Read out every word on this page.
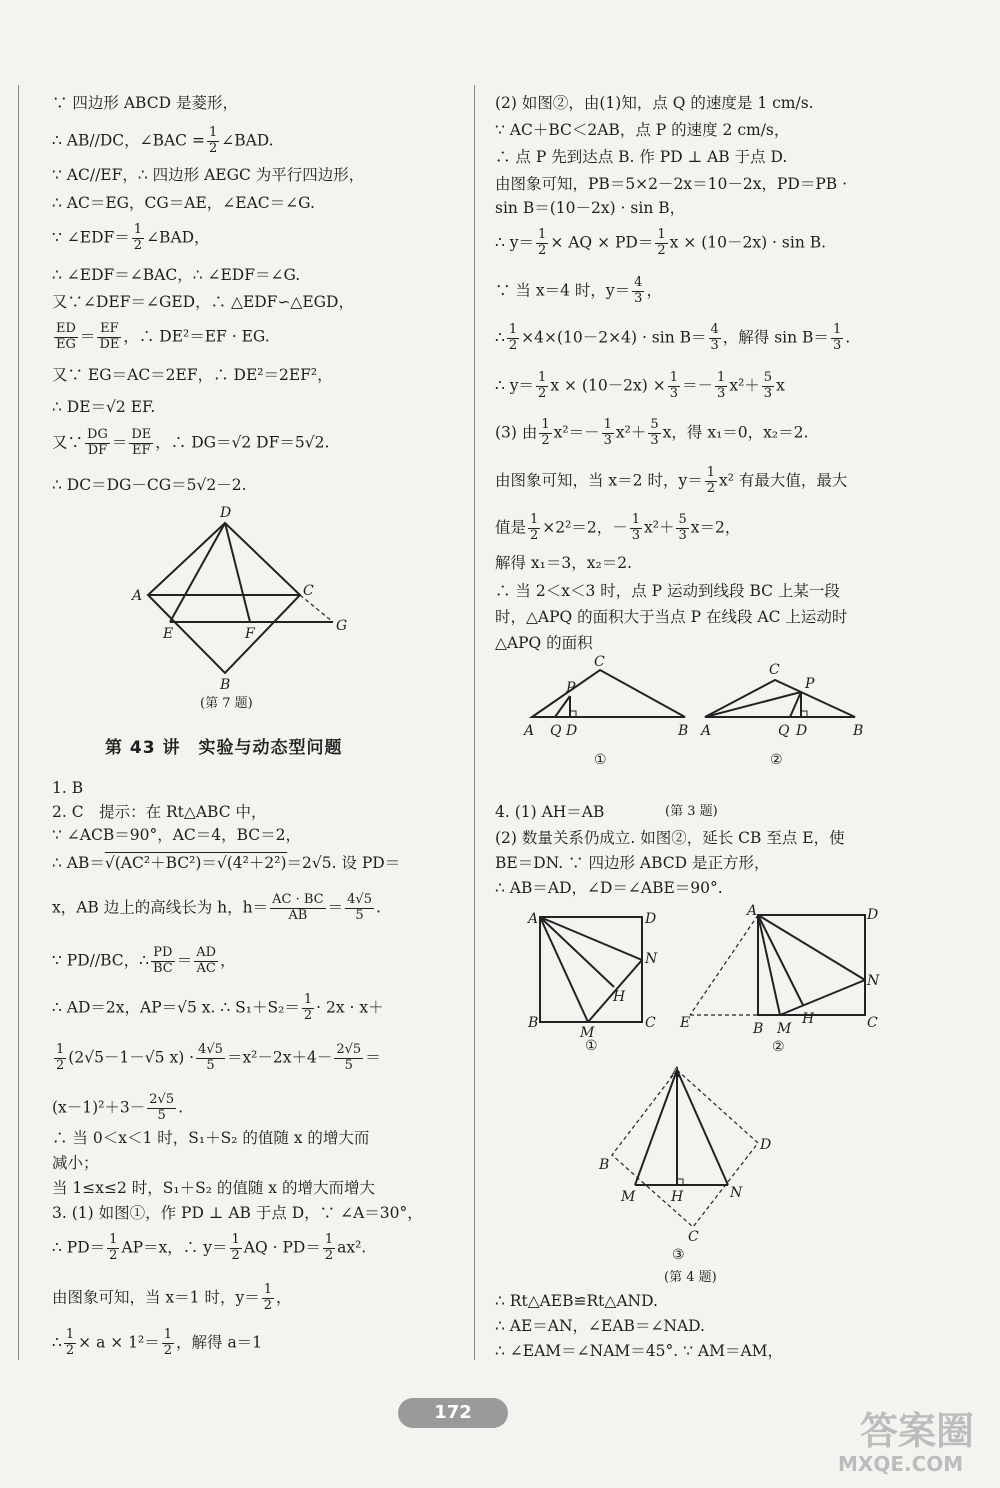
∵ 四边形 ABCD 是菱形，
∴ AB//DC，∠BAC = $\frac{1}{2}$ ∠BAD.
∵ AC//EF，∴ 四边形 AEGC 为平行四边形，
∴ AC＝EG，CG＝AE，∠EAC＝∠G.
∵ ∠EDF＝ $\frac{1}{2}$ ∠BAD，
∴ ∠EDF＝∠BAC，∴ ∠EDF＝∠G.
又∵∠DEF＝∠GED，∴ △EDF∽△EGD，
$\frac{ED}{EG} = \frac{EF}{DE}$ ，∴ DE²＝EF · EG.
又∵ EG＝AC＝2EF，∴ DE²＝2EF²，
∴ DE＝√2 EF.
又∵ $\frac{DG}{DF} = \frac{DE}{EF}$ ，∴ DG＝√2 DF＝5√2.
∴ DC＝DG－CG＝5√2－2.
1. B
2. C　提示：在 Rt△ABC 中，
∵ ∠ACB＝90°，AC＝4，BC＝2，
∴ AB＝√(AC²＋BC²)＝√(4²＋2²)＝2√5. 设 PD＝
x，AB 边上的高线长为 h，$h= \frac{AC \cdot BC}{AB} = \frac{4√5}{5}$ .
∵ PD//BC，∴ $\frac{PD}{BC} = \frac{AD}{AC}$ ，
∴ AD＝2x，AP＝√5 x. ∴ $S_1+S_2= \frac{1}{2} \cdot 2x \cdot x+$
$\frac{1}{2} (2√5-1-√5$ $x) \cdot \frac{4√5}{5} =x^2-2x+4- \frac{2√5}{5}$ ＝
$(x-1)^2+3- \frac{2√5}{5}$ .
∴ 当 0＜x＜1 时，S₁＋S₂ 的值随 x 的增大而
减小；
当 1≤x≤2 时，S₁＋S₂ 的值随 x 的增大而增大
3. (1) 如图①，作 PD ⊥ AB 于点 D，∵ ∠A＝30°，
∴ $PD= \frac{1}{2} AP=x$，∴ $y= \frac{1}{2}$ AQ · $PD= \frac{1}{2} ax^2$.
由图象可知，当 x＝1 时，$y= \frac{1}{2}$ ，
∴ $\frac{1}{2} \times a \times 1^2= \frac{1}{2}$ ，解得 a＝1
D
A	C
E	F	G
B
(第 7 题)
第 43 讲　实验与动态型问题
(2) 如图②，由(1)知，点 Q 的速度是 1 cm/s.
∵ AC＋BC＜2AB，点 P 的速度 2 cm/s，
∴ 点 P 先到达点 B. 作 PD ⊥ AB 于点 D.
由图象可知，PB＝5×2－2x＝10－2x，PD＝PB ·
sin B＝(10－2x) · sin B，
∴ $y= \frac{1}{2}$ × AQ × $PD= \frac{1}{2}$ x × (10－2x) · sin B.
∵ 当 x＝4 时，$y= \frac{4}{3}$ ，
∴ $\frac{1}{2} \times 4\times(10-2\times 4) \cdot \sin B= \frac{4}{3}$ ，解得 $\sin B= \frac{1}{3}$ .
∴ $y= \frac{1}{2}$ $x \times (10-2x) \times \frac{1}{3} =- \frac{1}{3} x^2+ \frac{5}{3}$ x
(3) 由 $\frac{1}{2} x^2=- \frac{1}{3} x^2+ \frac{5}{3}$ x，得 x₁＝0，x₂＝2.
由图象可知，当 x＝2 时，$y= \frac{1}{2} x^2$ 有最大值，最大
值是 $\frac{1}{2} \times 2^2=2$，－ $\frac{1}{3} x^2+ \frac{5}{3} x=2$，
解得 x₁＝3，x₂＝2.
∴ 当 2＜x＜3 时，点 P 运动到线段 BC 上某一段
时，△APQ 的面积大于当点 P 在线段 AC 上运动时
△APQ 的面积
4. (1) AH＝AB
(2) 数量关系仍成立. 如图②，延长 CB 至点 E，使
BE＝DN. ∵ 四边形 ABCD 是正方形，
∴ AB＝AD，∠D＝∠ABE＝90°.
∴ Rt△AEB≌Rt△AND.
∴ AE＝AN，∠EAB＝∠NAD.
∴ ∠EAM＝∠NAM＝45°. ∵ AM＝AM，
C
P
A Q D	B
①
C
P
A	Q D	B
②
(第 3 题)
A	D
N
H
B
M
C
①
A	D
N
E	B M
H	C
②
A
D
B
M	H	N
C
③
(第 4 题)
172	答案圈
MXQE.COM
